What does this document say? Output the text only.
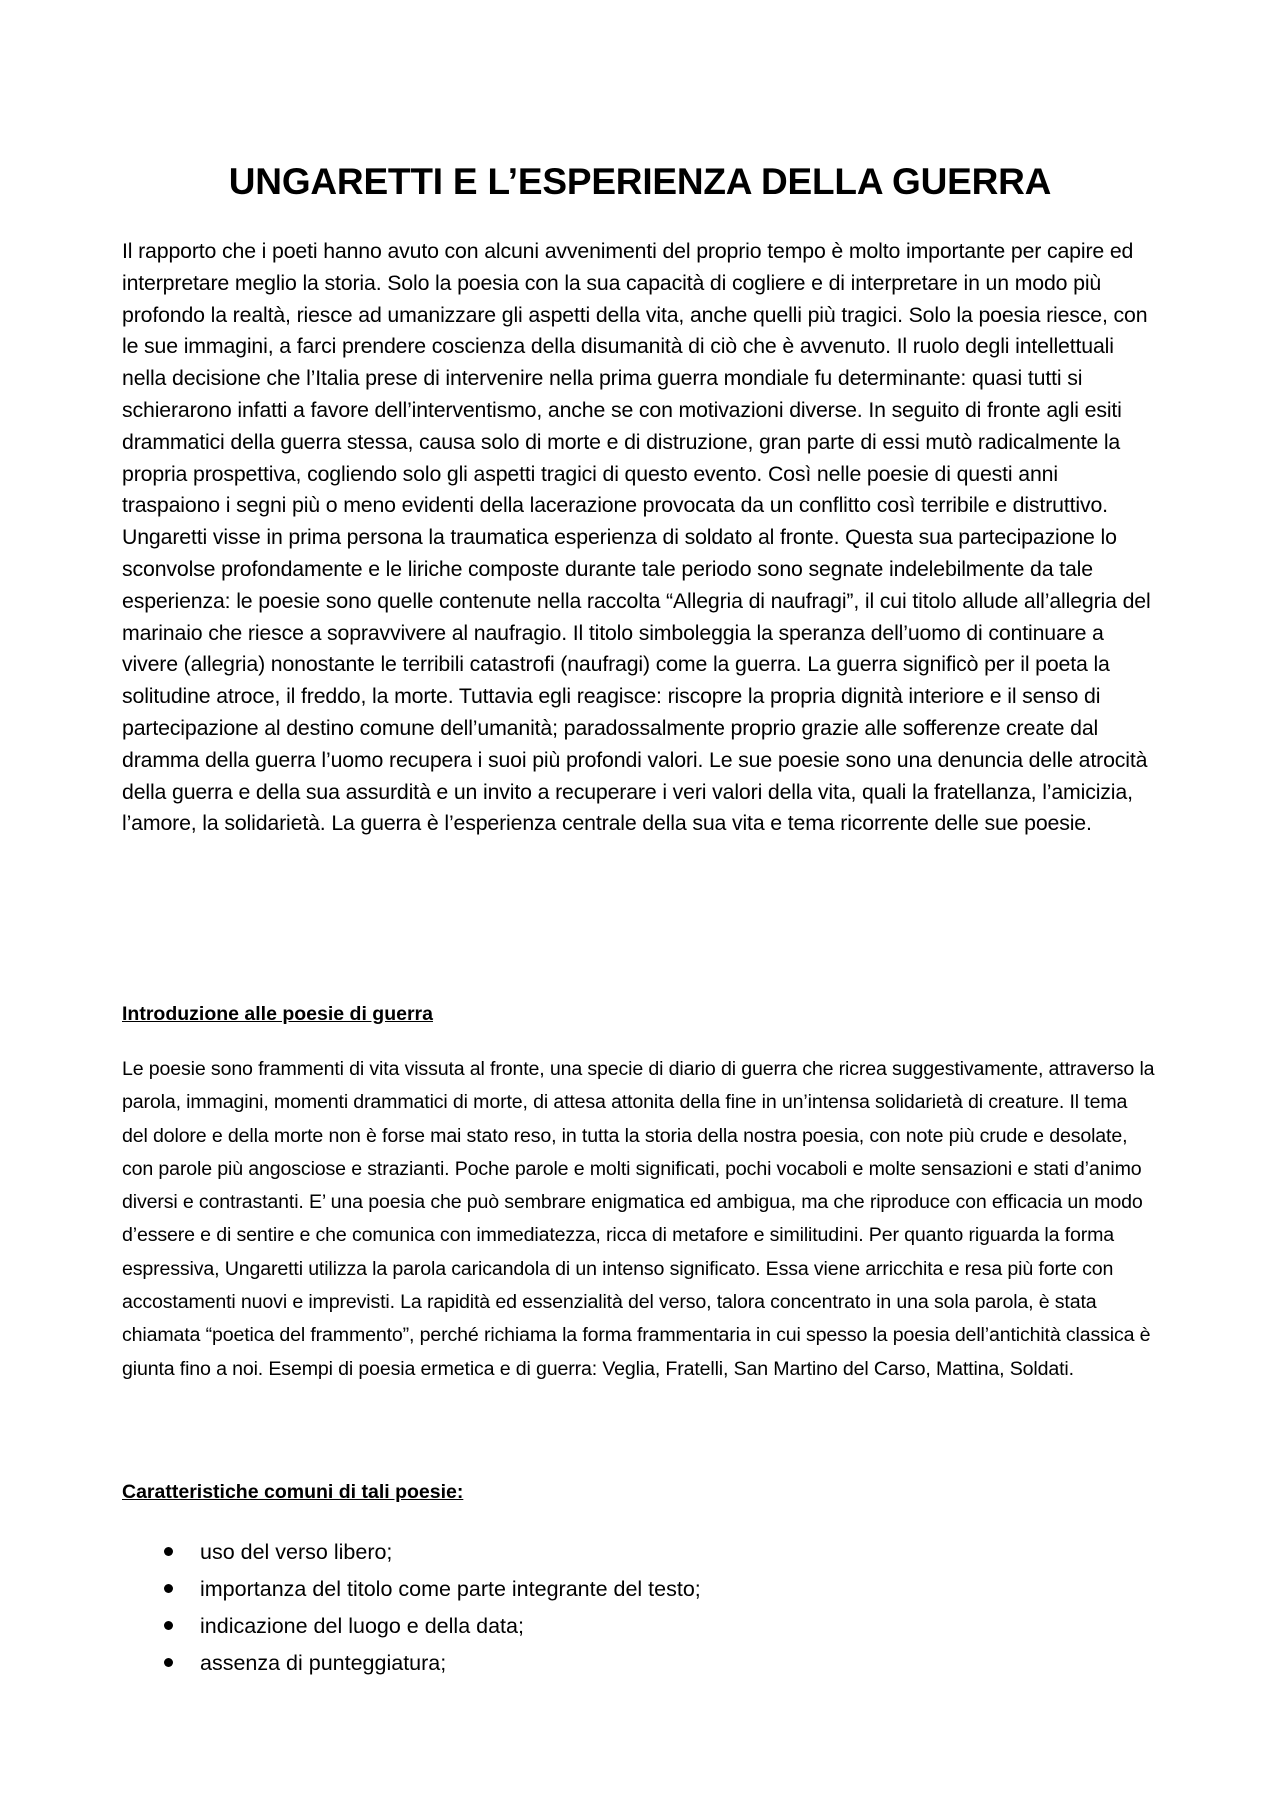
UNGARETTI E L’ESPERIENZA DELLA GUERRA

Il rapporto che i poeti hanno avuto con alcuni avvenimenti del proprio tempo è molto importante per capire ed interpretare meglio la storia. Solo la poesia con la sua capacità di cogliere e di interpretare in un modo più profondo la realtà, riesce ad umanizzare gli aspetti della vita, anche quelli più tragici. Solo la poesia riesce, con le sue immagini, a farci prendere coscienza della disumanità di ciò che è avvenuto. Il ruolo degli intellettuali nella decisione che l’Italia prese di intervenire nella prima guerra mondiale fu determinante: quasi tutti si schierarono infatti a favore dell’interventismo, anche se con motivazioni diverse. In seguito di fronte agli esiti drammatici della guerra stessa, causa solo di morte e di distruzione, gran parte di essi mutò radicalmente la propria prospettiva, cogliendo solo gli aspetti tragici di questo evento. Così nelle poesie di questi anni traspaiono i segni più o meno evidenti della lacerazione provocata da un conflitto così terribile e distruttivo. Ungaretti visse in prima persona la traumatica esperienza di soldato al fronte. Questa sua partecipazione lo sconvolse profondamente e le liriche composte durante tale periodo sono segnate indelebilmente da tale esperienza: le poesie sono quelle contenute nella raccolta “Allegria di naufragi”, il cui titolo allude all’allegria del marinaio che riesce a sopravvivere al naufragio. Il titolo simboleggia la speranza dell’uomo di continuare a vivere (allegria) nonostante le terribili catastrofi (naufragi) come la guerra. La guerra significò per il poeta la solitudine atroce, il freddo, la morte. Tuttavia egli reagisce: riscopre la propria dignità interiore e il senso di partecipazione al destino comune dell’umanità; paradossalmente proprio grazie alle sofferenze create dal dramma della guerra l’uomo recupera i suoi più profondi valori. Le sue poesie sono una denuncia delle atrocità della guerra e della sua assurdità e un invito a recuperare i veri valori della vita, quali la fratellanza, l’amicizia, l’amore, la solidarietà. La guerra è l’esperienza centrale della sua vita e tema ricorrente delle sue poesie.

Introduzione alle poesie di guerra

Le poesie sono frammenti di vita vissuta al fronte, una specie di diario di guerra che ricrea suggestivamente, attraverso la parola, immagini, momenti drammatici di morte, di attesa attonita della fine in un’intensa solidarietà di creature. Il tema del dolore e della morte non è forse mai stato reso, in tutta la storia della nostra poesia, con note più crude e desolate, con parole più angosciose e strazianti. Poche parole e molti significati, pochi vocaboli e molte sensazioni e stati d’animo diversi e contrastanti. E’ una poesia che può sembrare enigmatica ed ambigua, ma che riproduce con efficacia un modo d’essere e di sentire e che comunica con immediatezza, ricca di metafore e similitudini. Per quanto riguarda la forma espressiva, Ungaretti utilizza la parola caricandola di un intenso significato. Essa viene arricchita e resa più forte con accostamenti nuovi e imprevisti. La rapidità ed essenzialità del verso, talora concentrato in una sola parola, è stata chiamata “poetica del frammento”, perché richiama la forma frammentaria in cui spesso la poesia dell’antichità classica è giunta fino a noi. Esempi di poesia ermetica e di guerra: Veglia, Fratelli, San Martino del Carso, Mattina, Soldati.

Caratteristiche comuni di tali poesie:
uso del verso libero;
importanza del titolo come parte integrante del testo;
indicazione del luogo e della data;
assenza di punteggiatura;
